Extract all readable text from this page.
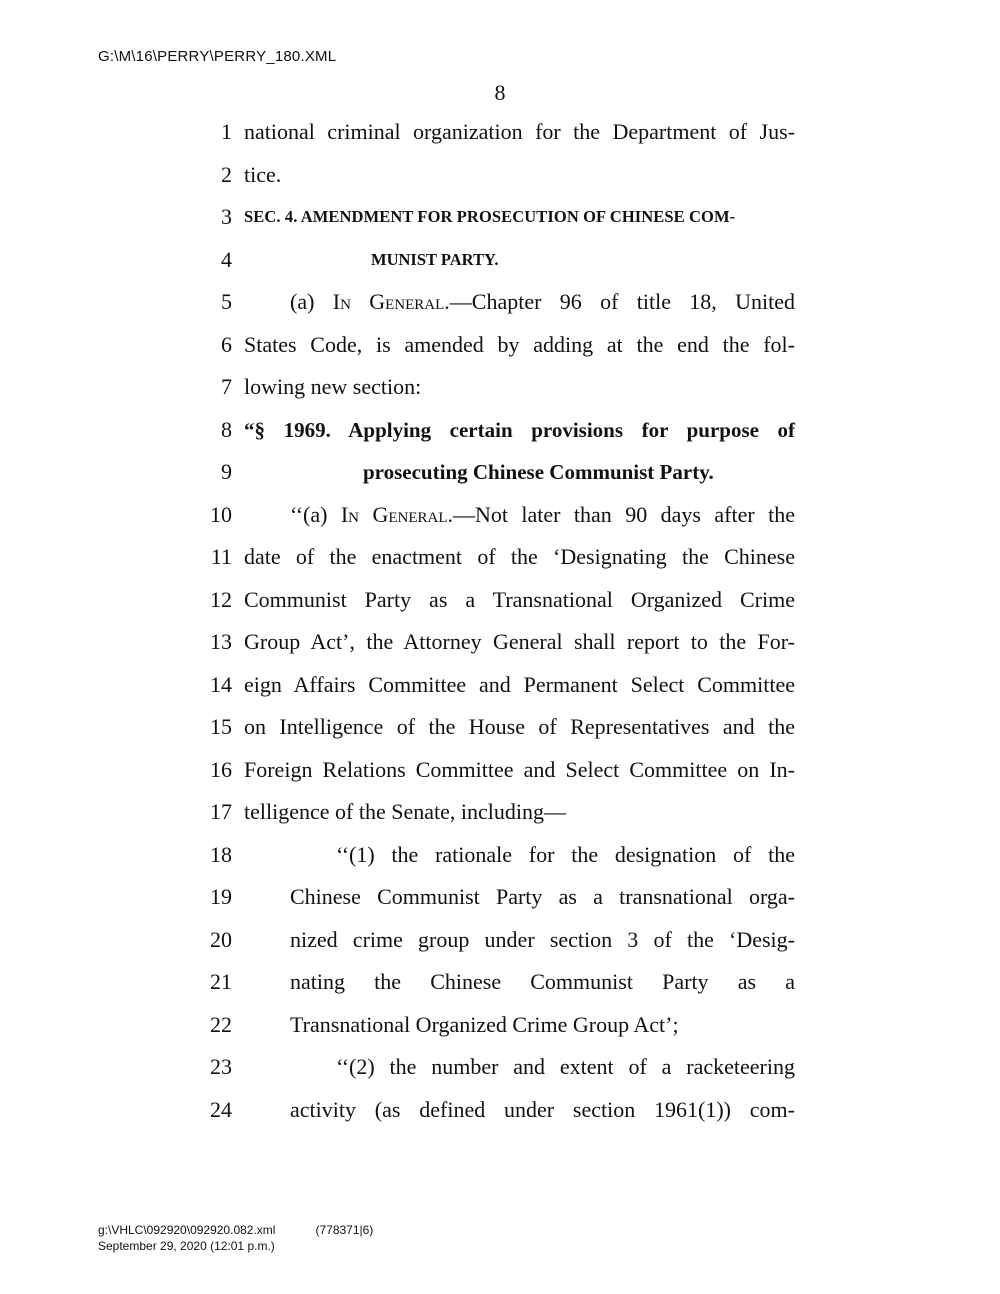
G:\M\16\PERRY\PERRY_180.XML
8
1 national criminal organization for the Department of Jus-
2 tice.
3 SEC. 4. AMENDMENT FOR PROSECUTION OF CHINESE COM-
4	MUNIST PARTY.
5	(a) In General.—Chapter 96 of title 18, United
6 States Code, is amended by adding at the end the fol-
7 lowing new section:
8 “§ 1969. Applying certain provisions for purpose of
9	prosecuting Chinese Communist Party.
10	‘‘(a) In General.—Not later than 90 days after the
11 date of the enactment of the ‘Designating the Chinese
12 Communist Party as a Transnational Organized Crime
13 Group Act’, the Attorney General shall report to the For-
14 eign Affairs Committee and Permanent Select Committee
15 on Intelligence of the House of Representatives and the
16 Foreign Relations Committee and Select Committee on In-
17 telligence of the Senate, including—
18	‘‘(1) the rationale for the designation of the
19	Chinese Communist Party as a transnational orga-
20	nized crime group under section 3 of the ‘Desig-
21	nating the Chinese Communist Party as a
22	Transnational Organized Crime Group Act’;
23	‘‘(2) the number and extent of a racketeering
24	activity (as defined under section 1961(1)) com-
g:\VHLC\092920\092920.082.xml	(778371|6)
September 29, 2020 (12:01 p.m.)
